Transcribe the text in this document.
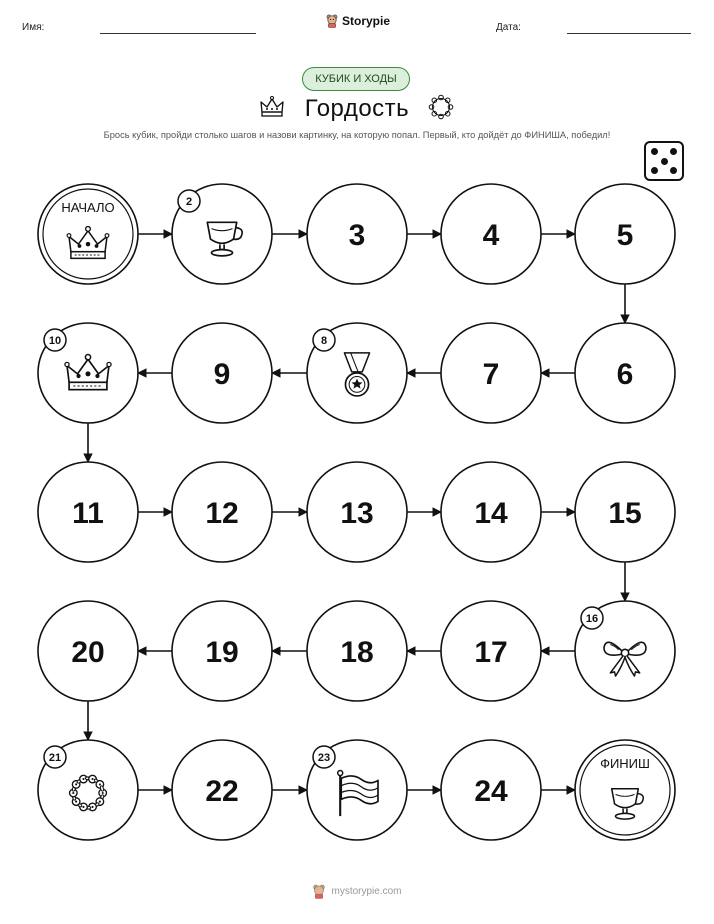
Имя:	Storypie	Дата:
КУБИК И ХОДЫ
Гордость
Брось кубик, пройди столько шагов и назови картинку, на которую попал. Первый, кто дойдёт до ФИНИША, победил!
НАЧАЛО	2
3	4	5
6
7
8
9
10
11	12	13	14	15
16
17
18
19
20
21
22
23
24
ФИНИШ
mystorypie.com
